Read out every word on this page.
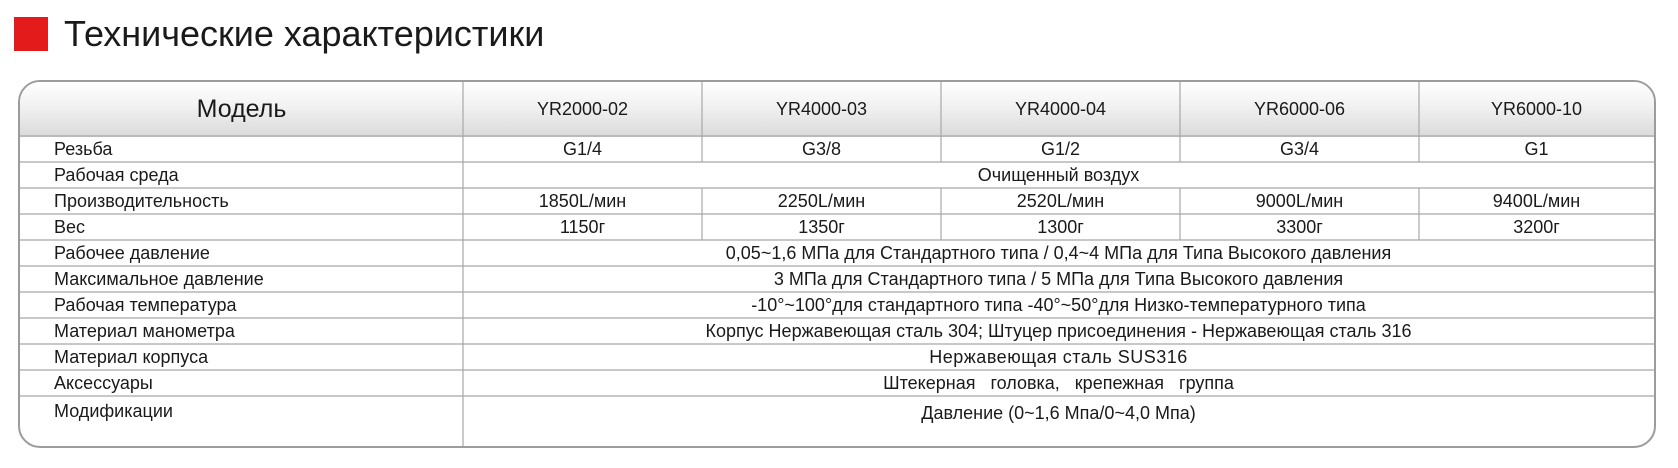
Технические характеристики
Модель	YR2000-02	YR4000-03	YR4000-04	YR6000-06	YR6000-10
Резьба	G1/4	G3/8	G1/2	G3/4	G1
Рабочая среда	Очищенный воздух
Производительность	1850L/мин	2250L/мин	2520L/мин	9000L/мин	9400L/мин
Вес	1150г	1350г	1300г	3300г	3200г
Рабочее давление	0,05~1,6 МПа для Стандартного типа / 0,4~4 МПа для Типа Высокого давления
Максимальное давление	3 МПа для Стандартного типа / 5 МПа для Типа Высокого давления
Рабочая температура	-10°~100°для стандартного типа -40°~50°для Низко-температурного типа
Материал манометра	Корпус Нержавеющая сталь 304; Штуцер присоединения - Нержавеющая сталь 316
Материал корпуса	Нержавеющая сталь SUS316
Аксессуары	Штекерная   головка,   крепежная   группа
Модификации	Давление (0~1,6 Мпа/0~4,0 Мпа)
